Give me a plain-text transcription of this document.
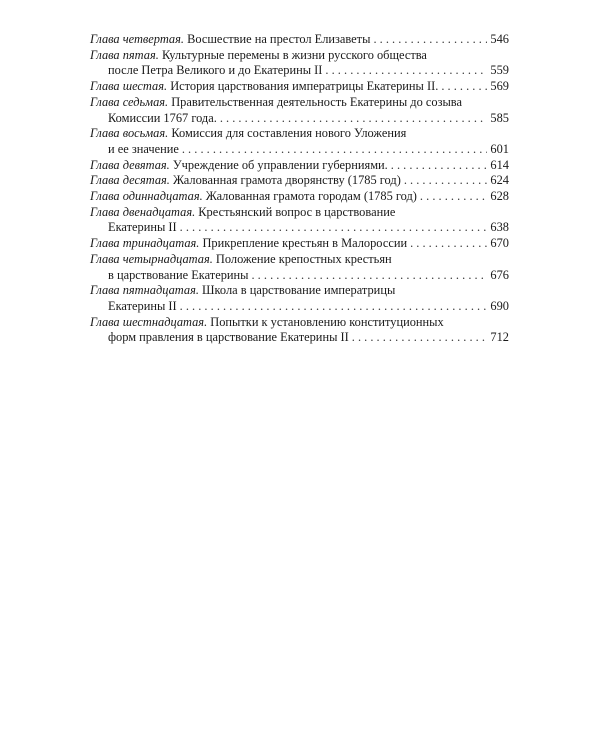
Глава четвертая. Восшествие на престол Елизаветы . . .	546
Глава пятая. Культурные перемены в жизни русского общества
после Петра Великого и до Екатерины II . . .	559
Глава шестая. История царствования императрицы Екатерины II. . . .	569
Глава седьмая. Правительственная деятельность Екатерины до созыва
Комиссии 1767 года. . . .	585
Глава восьмая. Комиссия для составления нового Уложения
и ее значение . . .	601
Глава девятая. Учреждение об управлении губерниями. . . .	614
Глава десятая. Жалованная грамота дворянству (1785 год) . . .	624
Глава одиннадцатая. Жалованная грамота городам (1785 год) . . .	628
Глава двенадцатая. Крестьянский вопрос в царствование
Екатерины II . . .	638
Глава тринадцатая. Прикрепление крестьян в Малороссии . . .	670
Глава четырнадцатая. Положение крепостных крестьян
в царствование Екатерины . . .	676
Глава пятнадцатая. Школа в царствование императрицы
Екатерины II . . .	690
Глава шестнадцатая. Попытки к установлению конституционных
форм правления в царствование Екатерины II . . .	712
